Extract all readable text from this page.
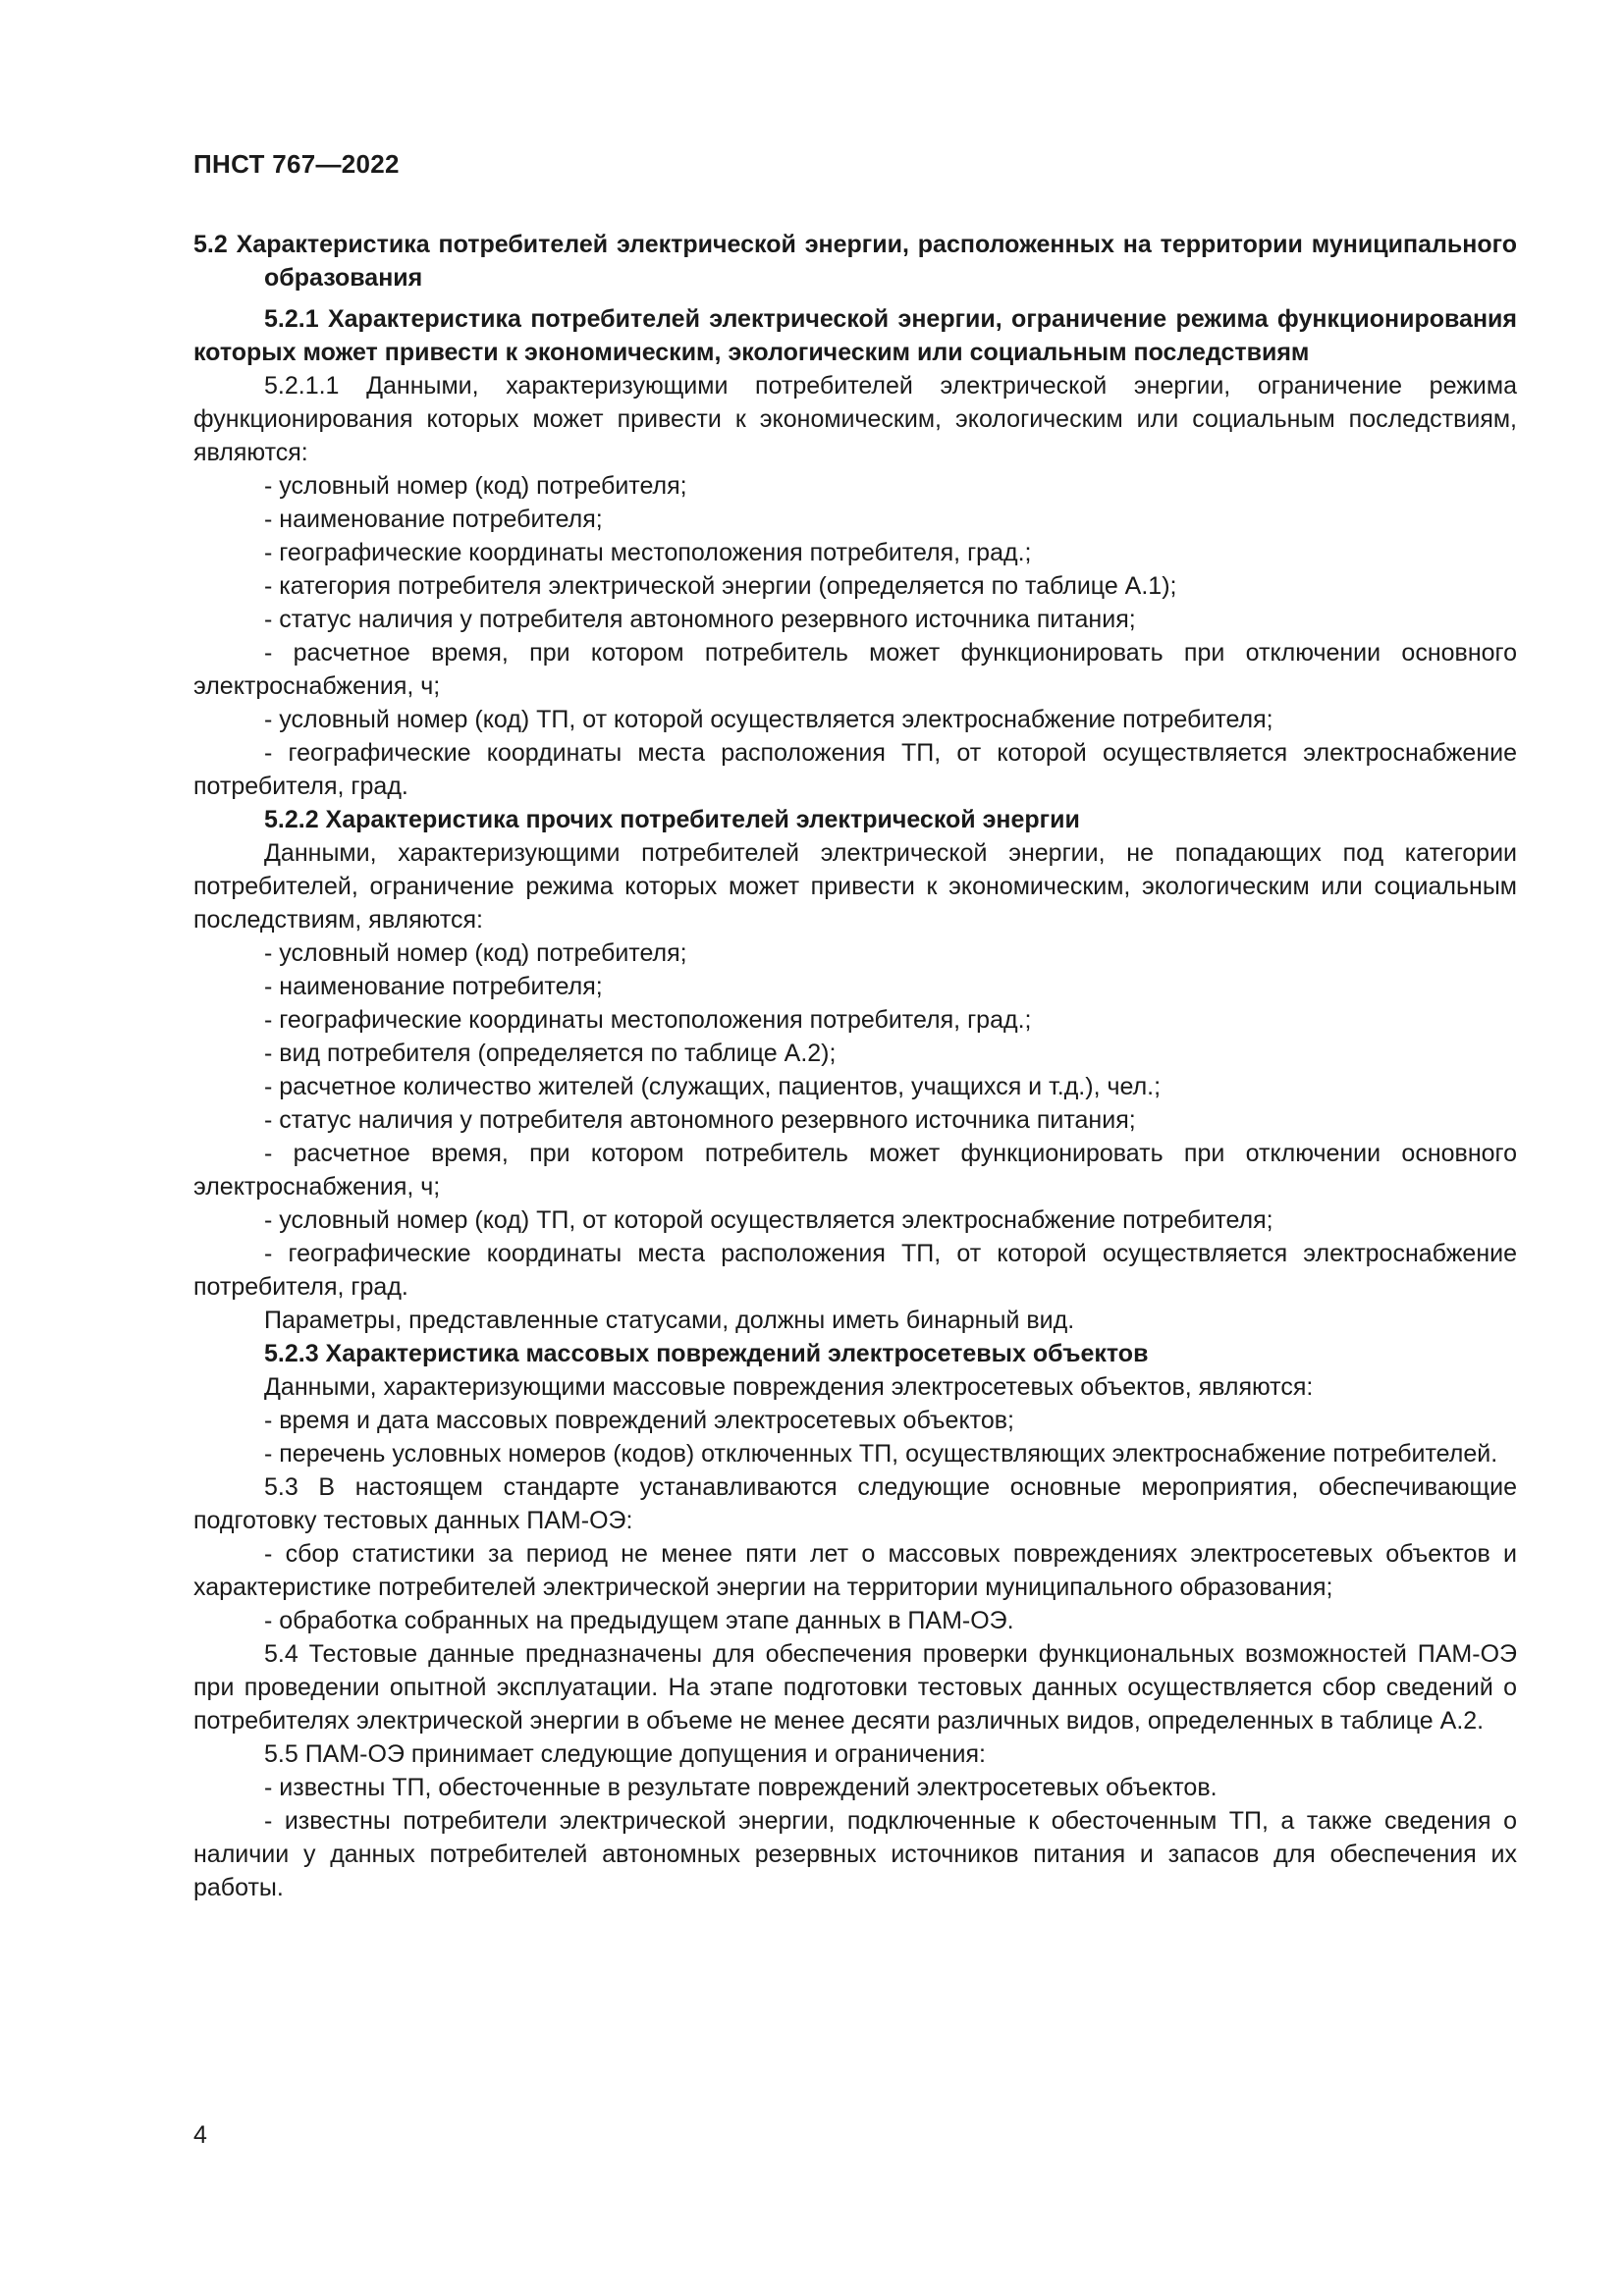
ПНСТ 767—2022

5.2 Характеристика потребителей электрической энергии, расположенных на территории муниципального образования

5.2.1 Характеристика потребителей электрической энергии, ограничение режима функционирования которых может привести к экономическим, экологическим или социальным последствиям

5.2.1.1 Данными, характеризующими потребителей электрической энергии, ограничение режима функционирования которых может привести к экономическим, экологическим или социальным последствиям, являются:

- условный номер (код) потребителя;

- наименование потребителя;

- географические координаты местоположения потребителя, град.;

- категория потребителя электрической энергии (определяется по таблице А.1);

- статус наличия у потребителя автономного резервного источника питания;

- расчетное время, при котором потребитель может функционировать при отключении основного электроснабжения, ч;

- условный номер (код) ТП, от которой осуществляется электроснабжение потребителя;

- географические координаты места расположения ТП, от которой осуществляется электроснабжение потребителя, град.

5.2.2 Характеристика прочих потребителей электрической энергии

Данными, характеризующими потребителей электрической энергии, не попадающих под категории потребителей, ограничение режима которых может привести к экономическим, экологическим или социальным последствиям, являются:

- условный номер (код) потребителя;

- наименование потребителя;

- географические координаты местоположения потребителя, град.;

- вид потребителя (определяется по таблице А.2);

- расчетное количество жителей (служащих, пациентов, учащихся и т.д.), чел.;

- статус наличия у потребителя автономного резервного источника питания;

- расчетное время, при котором потребитель может функционировать при отключении основного электроснабжения, ч;

- условный номер (код) ТП, от которой осуществляется электроснабжение потребителя;

- географические координаты места расположения ТП, от которой осуществляется электроснабжение потребителя, град.

Параметры, представленные статусами, должны иметь бинарный вид.

5.2.3 Характеристика массовых повреждений электросетевых объектов

Данными, характеризующими массовые повреждения электросетевых объектов, являются:

- время и дата массовых повреждений электросетевых объектов;

- перечень условных номеров (кодов) отключенных ТП, осуществляющих электроснабжение потребителей.

5.3 В настоящем стандарте устанавливаются следующие основные мероприятия, обеспечивающие подготовку тестовых данных ПАМ-ОЭ:

- сбор статистики за период не менее пяти лет о массовых повреждениях электросетевых объектов и характеристике потребителей электрической энергии на территории муниципального образования;

- обработка собранных на предыдущем этапе данных в ПАМ-ОЭ.

5.4 Тестовые данные предназначены для обеспечения проверки функциональных возможностей ПАМ-ОЭ при проведении опытной эксплуатации. На этапе подготовки тестовых данных осуществляется сбор сведений о потребителях электрической энергии в объеме не менее десяти различных видов, определенных в таблице А.2.

5.5 ПАМ-ОЭ принимает следующие допущения и ограничения:

- известны ТП, обесточенные в результате повреждений электросетевых объектов.

- известны потребители электрической энергии, подключенные к обесточенным ТП, а также сведения о наличии у данных потребителей автономных резервных источников питания и запасов для обеспечения их работы.

4
